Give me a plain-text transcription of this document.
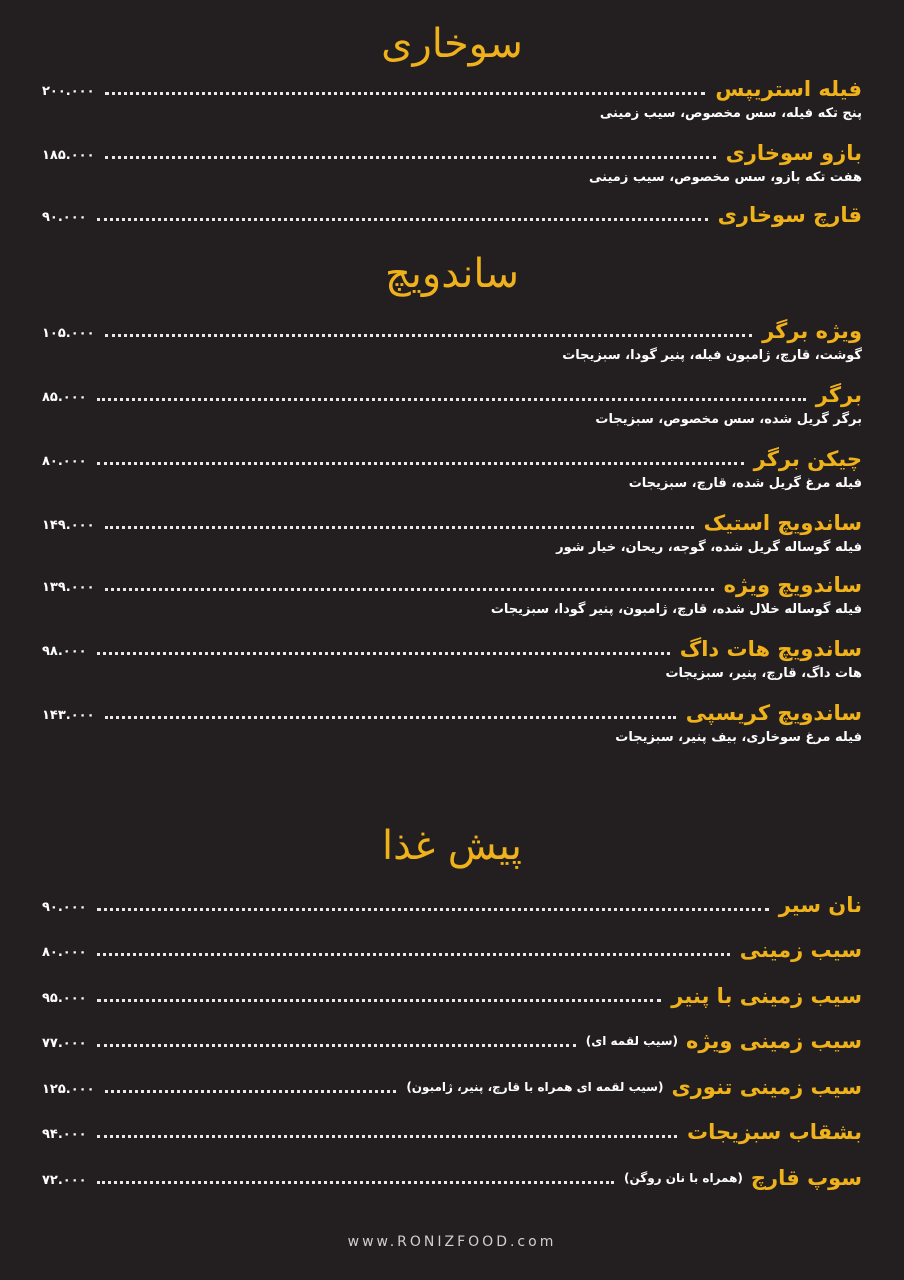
سوخاری
فیله استریپس
۲۰۰.۰۰۰
پنج تکه فیله، سس مخصوص، سیب زمینی
بازو سوخاری
۱۸۵.۰۰۰
هفت تکه بازو، سس مخصوص، سیب زمینی
قارچ سوخاری
۹۰.۰۰۰
ساندویچ
ویژه برگر
۱۰۵.۰۰۰
گوشت، قارچ، ژامبون فیله، پنیر گودا، سبزیجات
برگر
۸۵.۰۰۰
برگر گریل شده، سس مخصوص، سبزیجات
چیکن برگر
۸۰.۰۰۰
فیله مرغ گریل شده، قارچ، سبزیجات
ساندویچ استیک
۱۴۹.۰۰۰
فیله گوساله گریل شده، گوجه، ریحان، خیار شور
ساندویچ ویژه
۱۳۹.۰۰۰
فیله گوساله خلال شده، قارچ، ژامبون، پنیر گودا، سبزیجات
ساندویچ هات داگ
۹۸.۰۰۰
هات داگ، قارچ، پنیر، سبزیجات
ساندویچ کریسپی
۱۴۳.۰۰۰
فیله مرغ سوخاری، بیف پنیر، سبزیجات
پیش غذا
نان سیر
۹۰.۰۰۰
سیب زمینی
۸۰.۰۰۰
سیب زمینی با پنیر
۹۵.۰۰۰
سیب زمینی ویژه
(سیب لقمه ای)
۷۷.۰۰۰
سیب زمینی تنوری
(سیب لقمه ای همراه با قارچ، پنیر، ژامبون)
۱۲۵.۰۰۰
بشقاب سبزیجات
۹۴.۰۰۰
سوپ قارچ
(همراه با نان روگن)
۷۲.۰۰۰
www.RONIZFOOD.com
